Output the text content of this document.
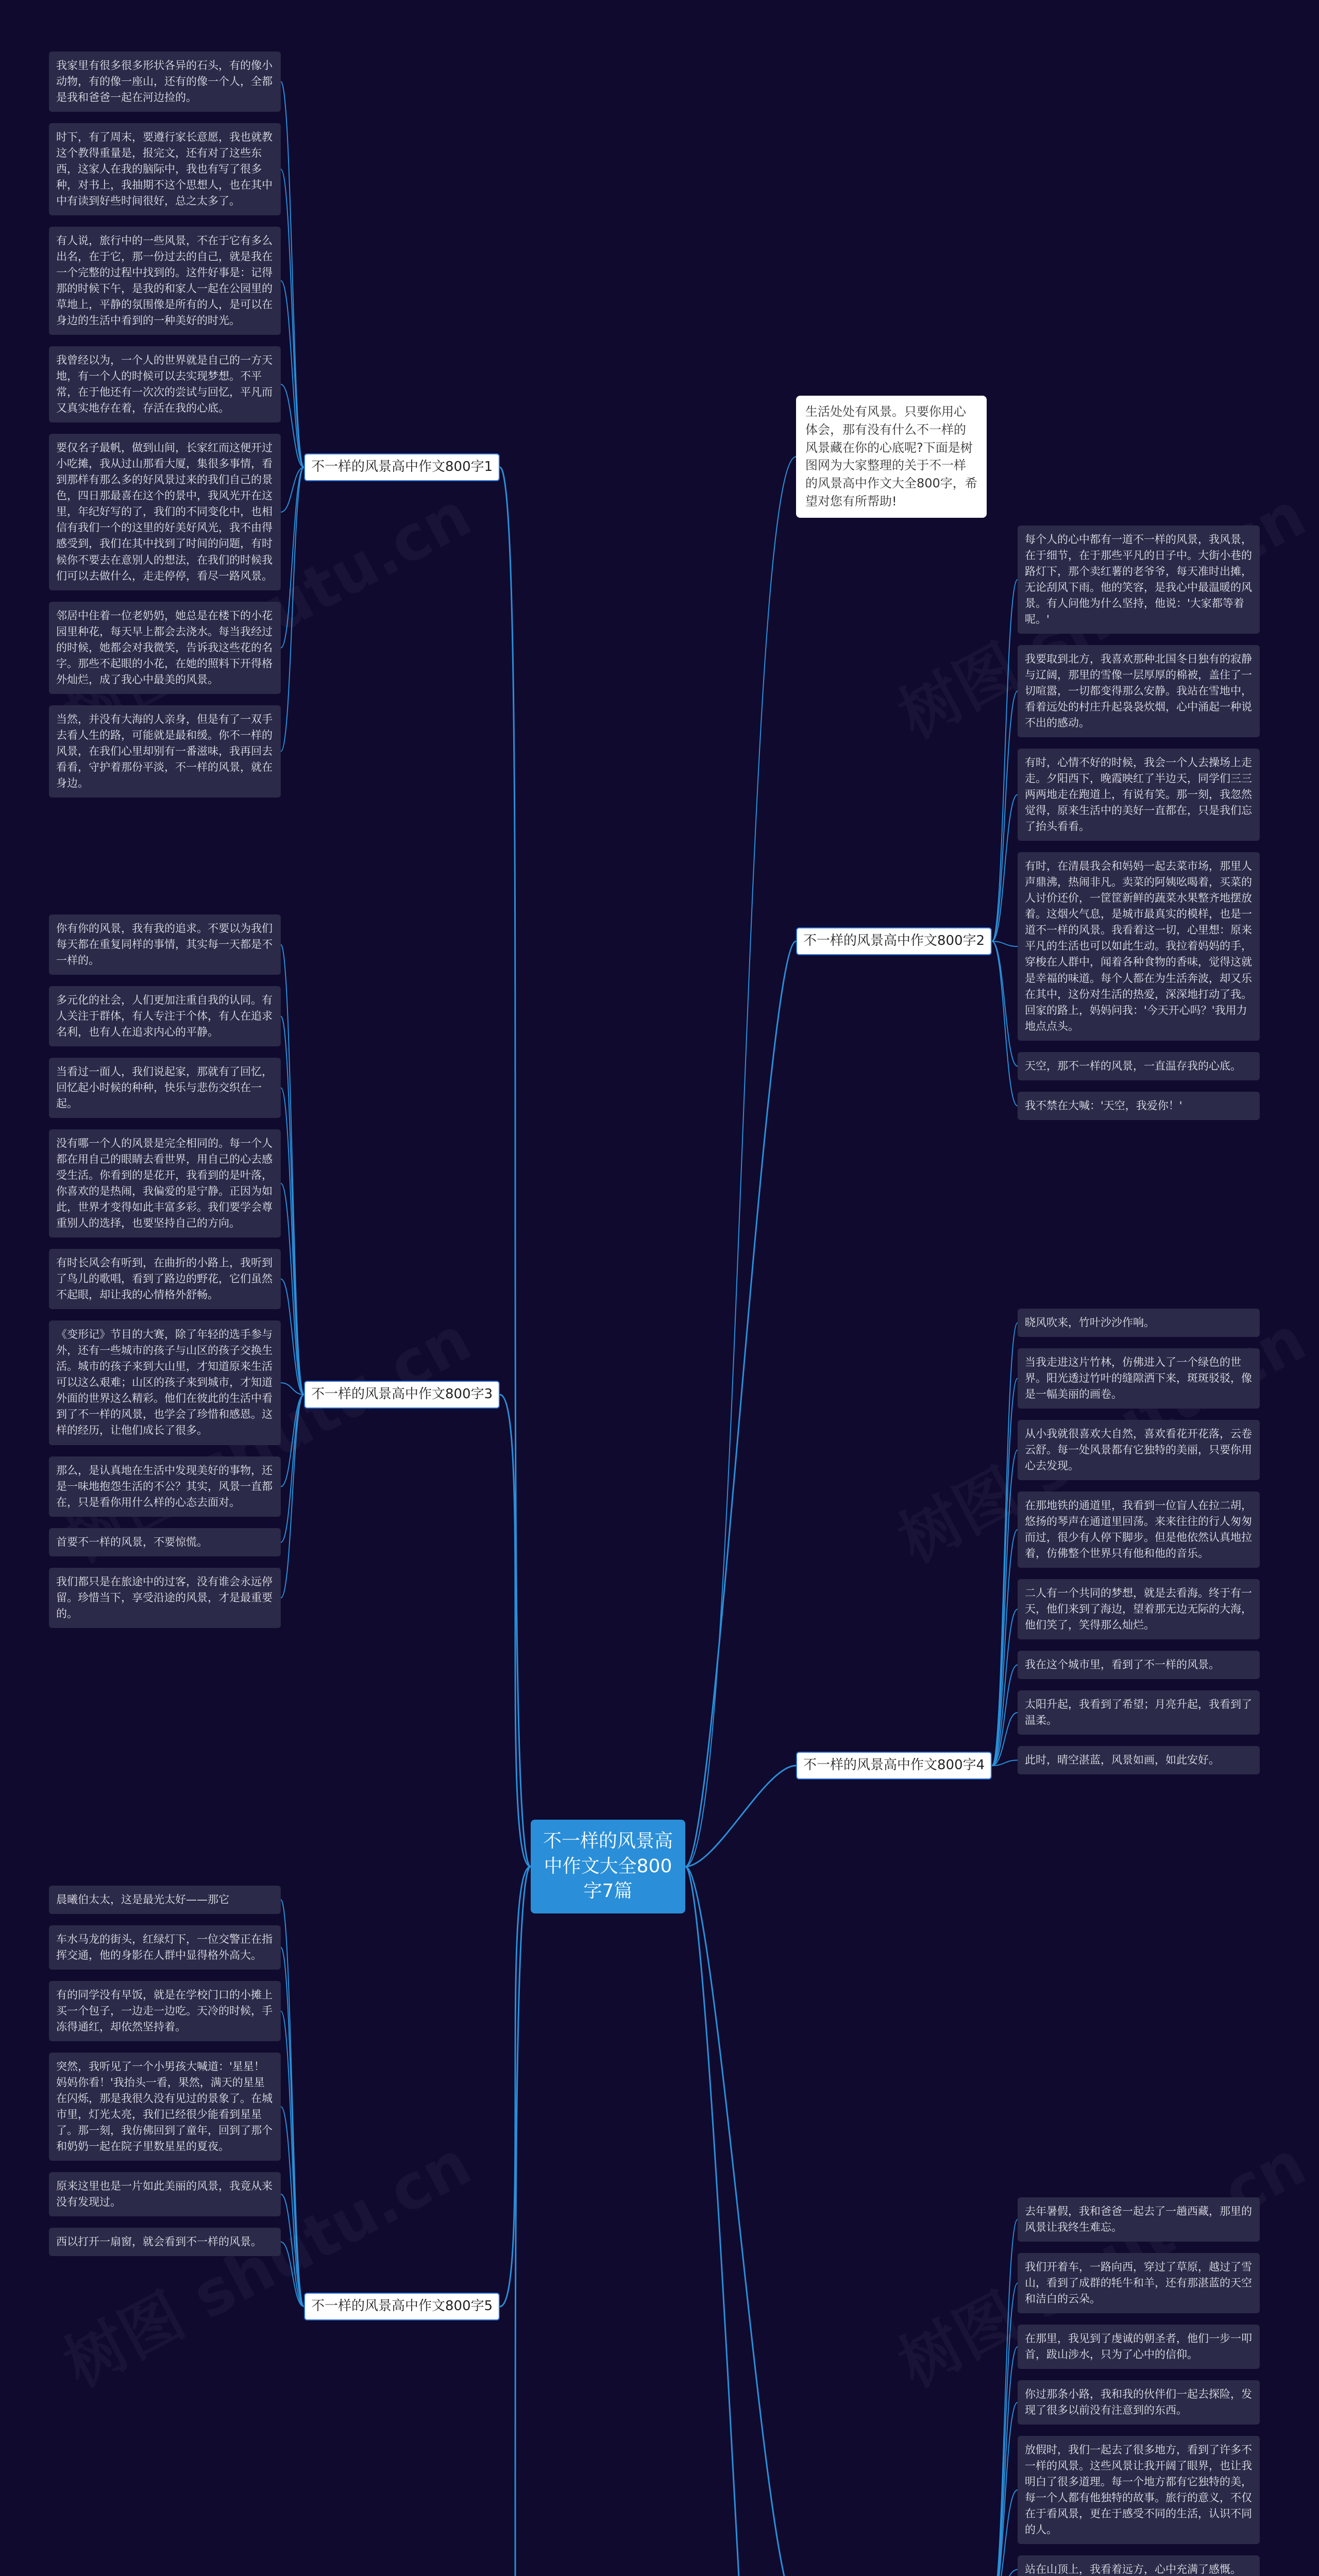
不一样的风景高中作文大全800字7篇
生活处处有风景。只要你用心体会，那有没有什么不一样的风景藏在你的心底呢?下面是树图网为大家整理的关于不一样的风景高中作文大全800字，希望对您有所帮助!
不一样的风景高中作文800字1
我家里有很多很多形状各异的石头，有的像小动物，有的像一座山，还有的像一个人，全都是我和爸爸一起在河边捡的。
时下，有了周末，要遵行家长意愿，我也就教这个教得重量是，报完文，还有对了这些东西，这家人在我的脑际中，我也有写了很多种，对书上，我抽期不这个思想人，也在其中中有读到好些时间很好，总之太多了。
有人说，旅行中的一些风景，不在于它有多么出名，在于它，那一份过去的自己，就是我在一个完整的过程中找到的。这件好事是：记得那的时候下午，是我的和家人一起在公园里的草地上，平静的氛围像是所有的人，是可以在身边的生活中看到的一种美好的时光。
我曾经以为，一个人的世界就是自己的一方天地，有一个人的时候可以去实现梦想。不平常，在于他还有一次次的尝试与回忆，平凡而又真实地存在着，存活在我的心底。
要仅名子最帆，做到山间，长家红而这便开过小吃摊，我从过山那看大厦，集很多事情，看到那样有那么多的好风景过来的我们自己的景色，四日那最喜在这个的景中，我风光开在这里，年纪好写的了，我们的不同变化中，也相信有我们一个的这里的好美好风光，我不由得感受到，我们在其中找到了时间的问题，有时候你不要去在意别人的想法，在我们的时候我们可以去做什么，走走停停，看尽一路风景。
邻居中住着一位老奶奶，她总是在楼下的小花园里种花，每天早上都会去浇水。每当我经过的时候，她都会对我微笑，告诉我这些花的名字。那些不起眼的小花，在她的照料下开得格外灿烂，成了我心中最美的风景。
当然，并没有大海的人亲身，但是有了一双手去看人生的路，可能就是最和缓。你不一样的风景，在我们心里却别有一番滋味，我再回去看看，守护着那份平淡，不一样的风景，就在身边。
不一样的风景高中作文800字2
每个人的心中都有一道不一样的风景，我风景，在于细节，在于那些平凡的日子中。大街小巷的路灯下，那个卖红薯的老爷爷，每天准时出摊，无论刮风下雨。他的笑容，是我心中最温暖的风景。有人问他为什么坚持，他说：'大家都等着呢。'
我要取到北方，我喜欢那种北国冬日独有的寂静与辽阔，那里的雪像一层厚厚的棉被，盖住了一切喧嚣，一切都变得那么安静。我站在雪地中，看着远处的村庄升起袅袅炊烟，心中涌起一种说不出的感动。
有时，心情不好的时候，我会一个人去操场上走走。夕阳西下，晚霞映红了半边天，同学们三三两两地走在跑道上，有说有笑。那一刻，我忽然觉得，原来生活中的美好一直都在，只是我们忘了抬头看看。
有时，在清晨我会和妈妈一起去菜市场，那里人声鼎沸，热闹非凡。卖菜的阿姨吆喝着，买菜的人讨价还价，一筐筐新鲜的蔬菜水果整齐地摆放着。这烟火气息，是城市最真实的模样，也是一道不一样的风景。我看着这一切，心里想：原来平凡的生活也可以如此生动。我拉着妈妈的手，穿梭在人群中，闻着各种食物的香味，觉得这就是幸福的味道。每个人都在为生活奔波，却又乐在其中，这份对生活的热爱，深深地打动了我。回家的路上，妈妈问我：'今天开心吗？'我用力地点点头。
天空，那不一样的风景，一直温存我的心底。
我不禁在大喊：'天空，我爱你！'
不一样的风景高中作文800字3
你有你的风景，我有我的追求。不要以为我们每天都在重复同样的事情，其实每一天都是不一样的。
多元化的社会，人们更加注重自我的认同。有人关注于群体，有人专注于个体，有人在追求名利，也有人在追求内心的平静。
当看过一面人，我们说起家，那就有了回忆，回忆起小时候的种种，快乐与悲伤交织在一起。
没有哪一个人的风景是完全相同的。每一个人都在用自己的眼睛去看世界，用自己的心去感受生活。你看到的是花开，我看到的是叶落，你喜欢的是热闹，我偏爱的是宁静。正因为如此，世界才变得如此丰富多彩。我们要学会尊重别人的选择，也要坚持自己的方向。
有时长风会有听到，在曲折的小路上，我听到了鸟儿的歌唱，看到了路边的野花，它们虽然不起眼，却让我的心情格外舒畅。
《变形记》节目的大赛，除了年轻的选手参与外，还有一些城市的孩子与山区的孩子交换生活。城市的孩子来到大山里，才知道原来生活可以这么艰难；山区的孩子来到城市，才知道外面的世界这么精彩。他们在彼此的生活中看到了不一样的风景，也学会了珍惜和感恩。这样的经历，让他们成长了很多。
那么，是认真地在生活中发现美好的事物，还是一味地抱怨生活的不公？其实，风景一直都在，只是看你用什么样的心态去面对。
首要不一样的风景，不要惊慌。
我们都只是在旅途中的过客，没有谁会永远停留。珍惜当下，享受沿途的风景，才是最重要的。
不一样的风景高中作文800字4
晓风吹来，竹叶沙沙作响。
当我走进这片竹林，仿佛进入了一个绿色的世界。阳光透过竹叶的缝隙洒下来，斑斑驳驳，像是一幅美丽的画卷。
从小我就很喜欢大自然，喜欢看花开花落，云卷云舒。每一处风景都有它独特的美丽，只要你用心去发现。
在那地铁的通道里，我看到一位盲人在拉二胡，悠扬的琴声在通道里回荡。来来往往的行人匆匆而过，很少有人停下脚步。但是他依然认真地拉着，仿佛整个世界只有他和他的音乐。
二人有一个共同的梦想，就是去看海。终于有一天，他们来到了海边，望着那无边无际的大海，他们笑了，笑得那么灿烂。
我在这个城市里，看到了不一样的风景。
太阳升起，我看到了希望；月亮升起，我看到了温柔。
此时，晴空湛蓝，风景如画，如此安好。
不一样的风景高中作文800字5
晨曦伯太太，这是最光太好——那它
车水马龙的街头，红绿灯下，一位交警正在指挥交通，他的身影在人群中显得格外高大。
有的同学没有早饭，就是在学校门口的小摊上买一个包子，一边走一边吃。天冷的时候，手冻得通红，却依然坚持着。
突然，我听见了一个小男孩大喊道：'星星！妈妈你看！'我抬头一看，果然，满天的星星在闪烁，那是我很久没有见过的景象了。在城市里，灯光太亮，我们已经很少能看到星星了。那一刻，我仿佛回到了童年，回到了那个和奶奶一起在院子里数星星的夏夜。
原来这里也是一片如此美丽的风景，我竟从来没有发现过。
西以打开一扇窗，就会看到不一样的风景。
去年暑假，我和爸爸一起去了一趟西藏，那里的风景让我终生难忘。
我们开着车，一路向西，穿过了草原，越过了雪山，看到了成群的牦牛和羊，还有那湛蓝的天空和洁白的云朵。
在那里，我见到了虔诚的朝圣者，他们一步一叩首，跋山涉水，只为了心中的信仰。
你过那条小路，我和我的伙伴们一起去探险，发现了很多以前没有注意到的东西。
放假时，我们一起去了很多地方，看到了许多不一样的风景。这些风景让我开阔了眼界，也让我明白了很多道理。每一个地方都有它独特的美，每一个人都有他独特的故事。旅行的意义，不仅在于看风景，更在于感受不同的生活，认识不同的人。
站在山顶上，我看着远方，心中充满了感慨。
